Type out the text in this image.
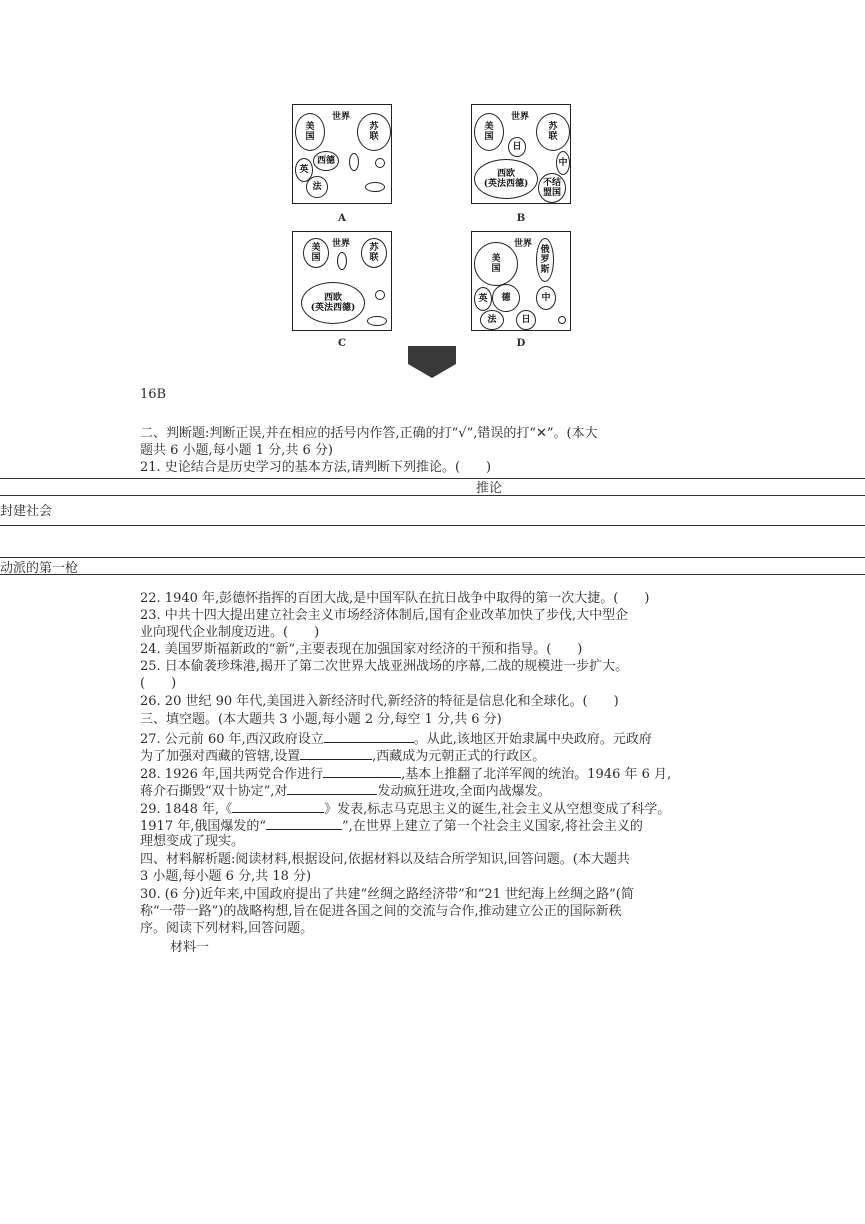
世界
美
国
苏
联
英
法
西德
A
世界
美
国
苏
联
日
中
西欧
(英法西德)	不结
盟国
B
世界
美
国
苏
联
西欧
(英法西德)
C
世界
美
国
俄
罗
斯
英	德	中
法	日
D
16B
二、判断题:判断正误,并在相应的括号内作答,正确的打“√”,错误的打“✕”。(本大
题共 6 小题,每小题 1 分,共 6 分)
21. 史论结合是历史学习的基本方法,请判断下列推论。(　　)
推论
封建社会
动派的第一枪
22. 1940 年,彭德怀指挥的百团大战,是中国军队在抗日战争中取得的第一次大捷。(　　)
23. 中共十四大提出建立社会主义市场经济体制后,国有企业改革加快了步伐,大中型企
业向现代企业制度迈进。(　　)
24. 美国罗斯福新政的“新”,主要表现在加强国家对经济的干预和指导。(　　)
25. 日本偷袭珍珠港,揭开了第二次世界大战亚洲战场的序幕,二战的规模进一步扩大。
(　　)
26. 20 世纪 90 年代,美国进入新经济时代,新经济的特征是信息化和全球化。(　　)
三、填空题。(本大题共 3 小题,每小题 2 分,每空 1 分,共 6 分)
27. 公元前 60 年,西汉政府设立	。从此,该地区开始隶属中央政府。元政府
为了加强对西藏的管辖,设置	,西藏成为元朝正式的行政区。
28. 1926 年,国共两党合作进行	,基本上推翻了北洋军阀的统治。1946 年 6 月,
蒋介石撕毁“双十协定”,对	发动疯狂进攻,全面内战爆发。
29. 1848 年,《	》发表,标志马克思主义的诞生,社会主义从空想变成了科学。
1917 年,俄国爆发的“	”,在世界上建立了第一个社会主义国家,将社会主义的
理想变成了现实。
四、材料解析题:阅读材料,根据设问,依据材料以及结合所学知识,回答问题。(本大题共
3 小题,每小题 6 分,共 18 分)
30. (6 分)近年来,中国政府提出了共建“丝绸之路经济带”和“21 世纪海上丝绸之路”(简
称“一带一路”)的战略构想,旨在促进各国之间的交流与合作,推动建立公正的国际新秩
序。阅读下列材料,回答问题。
材料一
